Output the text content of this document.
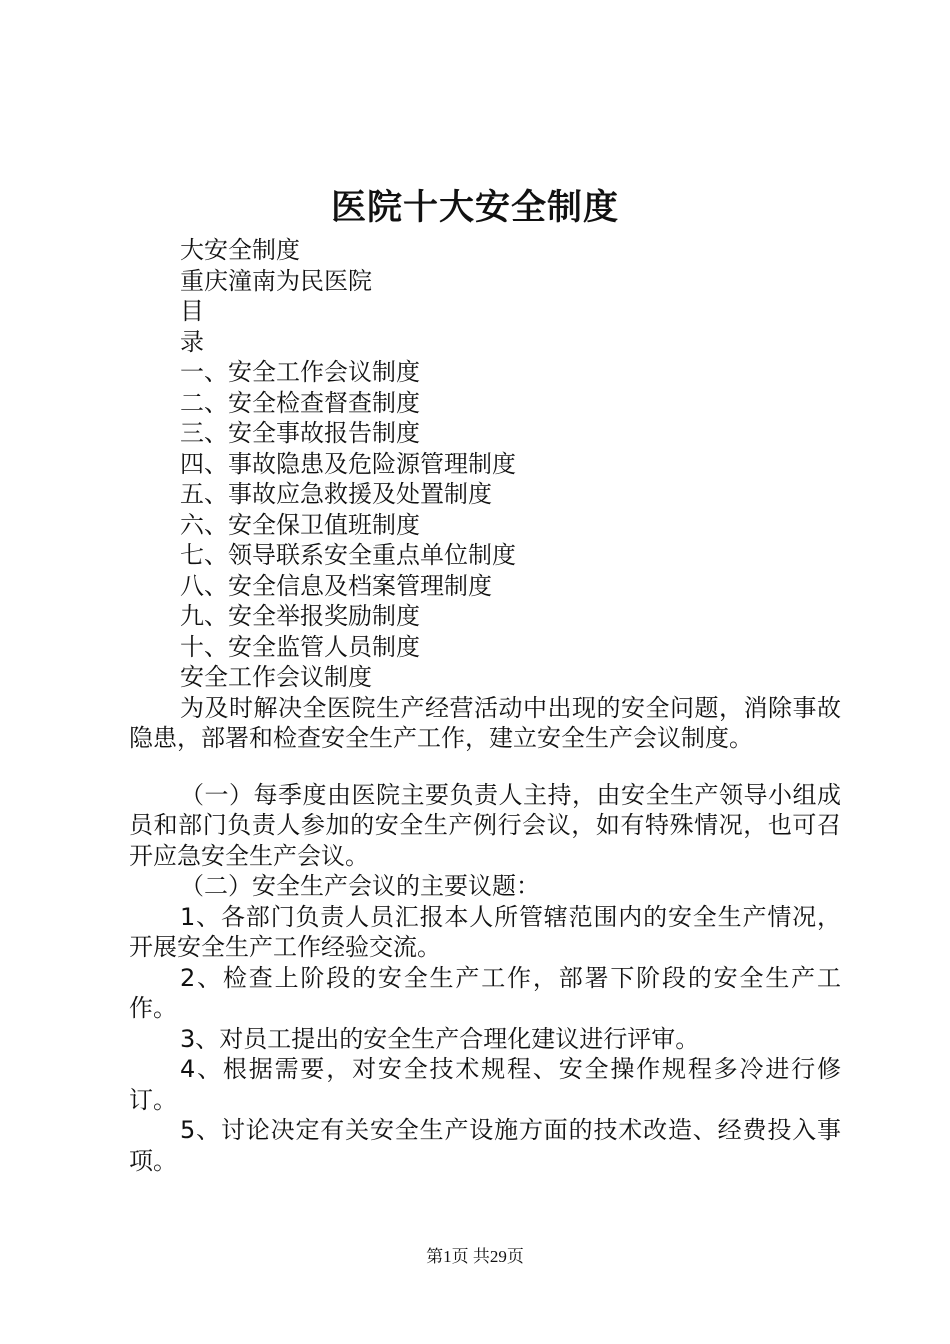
医院十大安全制度
大安全制度
重庆潼南为民医院
目
录
一、安全工作会议制度
二、安全检查督查制度
三、安全事故报告制度
四、事故隐患及危险源管理制度
五、事故应急救援及处置制度
六、安全保卫值班制度
七、领导联系安全重点单位制度
八、安全信息及档案管理制度
九、安全举报奖励制度
十、安全监管人员制度
安全工作会议制度

为及时解决全医院生产经营活动中出现的安全问题，消除事故隐患，部署和检查安全生产工作，建立安全生产会议制度。

（一）每季度由医院主要负责人主持，由安全生产领导小组成员和部门负责人参加的安全生产例行会议，如有特殊情况，也可召开应急安全生产会议。

（二）安全生产会议的主要议题：

1、各部门负责人员汇报本人所管辖范围内的安全生产情况，开展安全生产工作经验交流。

2、检查上阶段的安全生产工作，部署下阶段的安全生产工作。

3、对员工提出的安全生产合理化建议进行评审。

4、根据需要，对安全技术规程、安全操作规程多冷进行修订。

5、讨论决定有关安全生产设施方面的技术改造、经费投入事项。

第1页 共29页
